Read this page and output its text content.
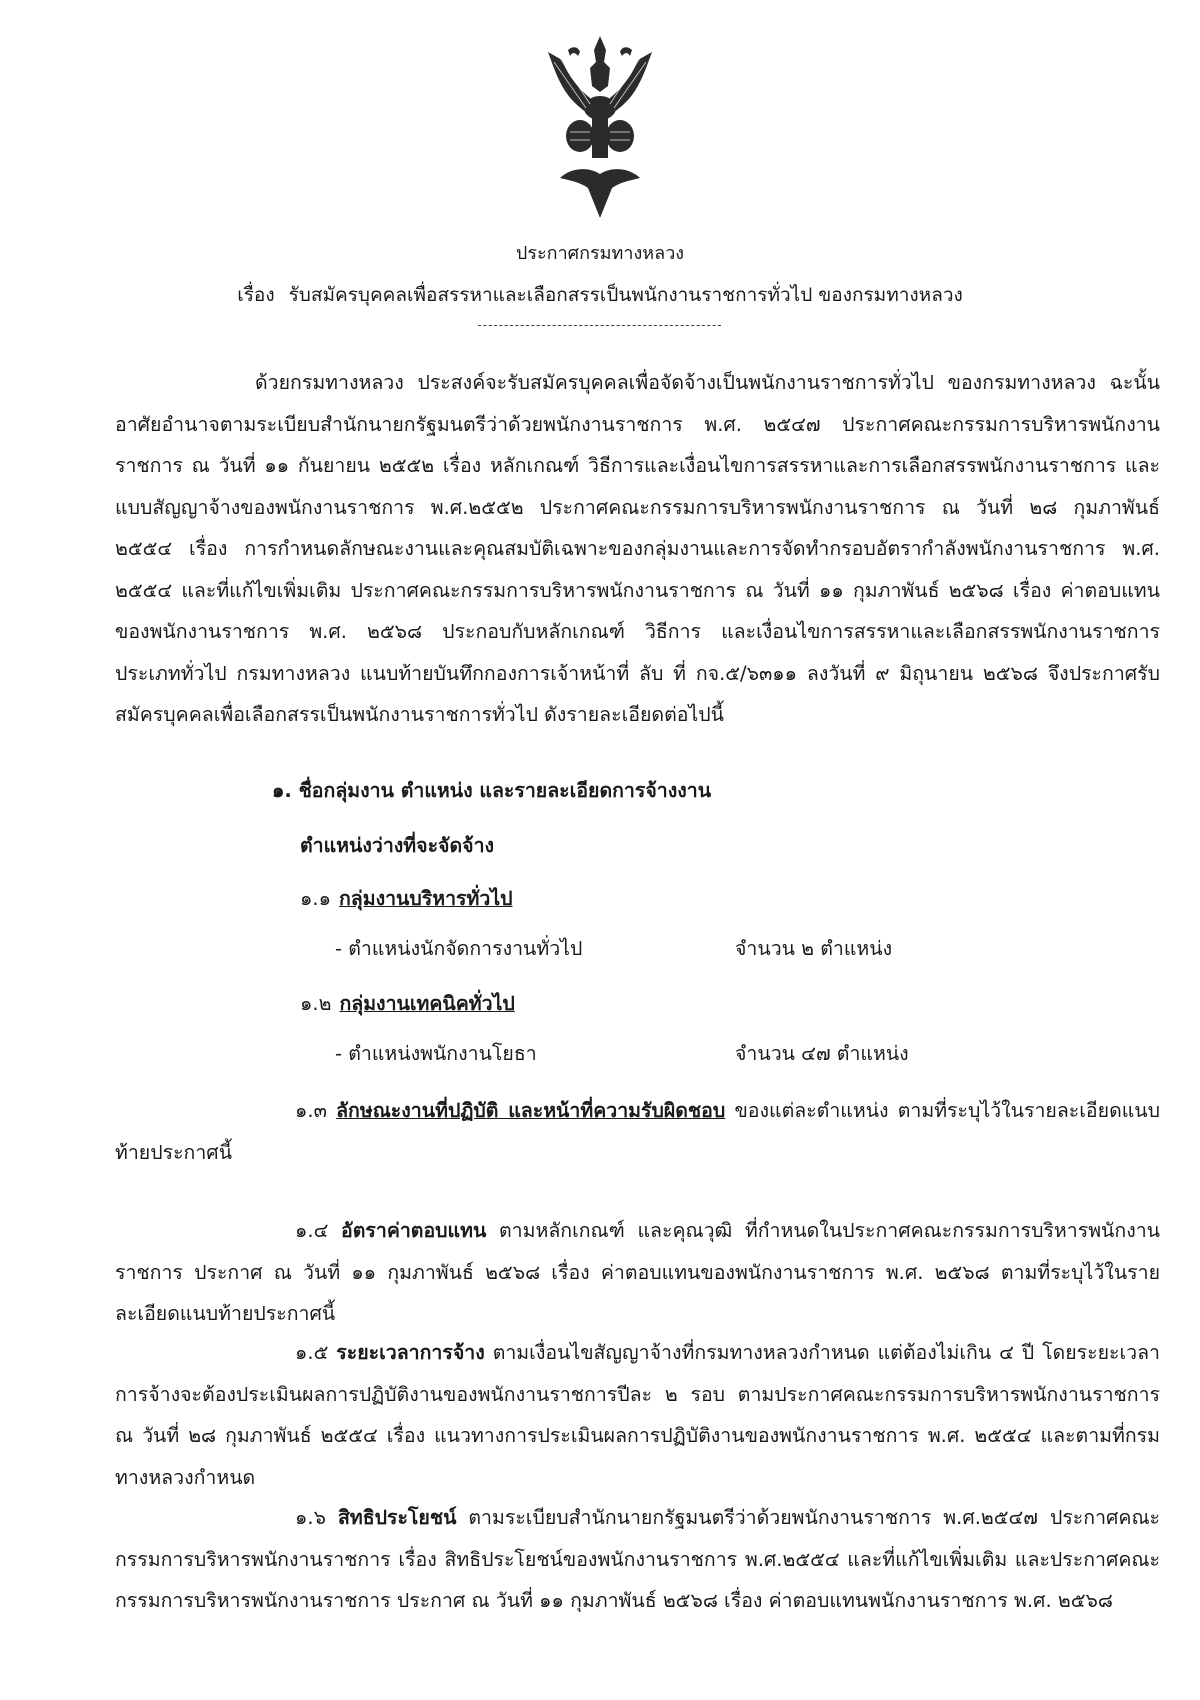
ประกาศกรมทางหลวง
เรื่อง รับสมัครบุคคลเพื่อสรรหาและเลือกสรรเป็นพนักงานราชการทั่วไป ของกรมทางหลวง
----------------------------------------------
ด้วยกรมทางหลวง ประสงค์จะรับสมัครบุคคลเพื่อจัดจ้างเป็นพนักงานราชการทั่วไป ของกรมทางหลวง ฉะนั้น อาศัยอำนาจตามระเบียบสำนักนายกรัฐมนตรีว่าด้วยพนักงานราชการ พ.ศ. ๒๕๔๗ ประกาศคณะกรรมการบริหารพนักงานราชการ ณ วันที่ ๑๑ กันยายน ๒๕๕๒ เรื่อง หลักเกณฑ์ วิธีการและเงื่อนไขการสรรหาและการเลือกสรรพนักงานราชการ และแบบสัญญาจ้างของพนักงานราชการ พ.ศ.๒๕๕๒ ประกาศคณะกรรมการบริหารพนักงานราชการ ณ วันที่ ๒๘ กุมภาพันธ์ ๒๕๕๔ เรื่อง การกำหนดลักษณะงานและคุณสมบัติเฉพาะของกลุ่มงานและการจัดทำกรอบอัตรากำลังพนักงานราชการ พ.ศ. ๒๕๕๔ และที่แก้ไขเพิ่มเติม ประกาศคณะกรรมการบริหารพนักงานราชการ ณ วันที่ ๑๑ กุมภาพันธ์ ๒๕๖๘ เรื่อง ค่าตอบแทนของพนักงานราชการ พ.ศ. ๒๕๖๘ ประกอบกับหลักเกณฑ์ วิธีการ และเงื่อนไขการสรรหาและเลือกสรรพนักงานราชการ ประเภททั่วไป กรมทางหลวง แนบท้ายบันทึกกองการเจ้าหน้าที่ ลับ ที่ กจ.๕/๖๓๑๑ ลงวันที่ ๙ มิถุนายน ๒๕๖๘ จึงประกาศรับสมัครบุคคลเพื่อเลือกสรรเป็นพนักงานราชการทั่วไป ดังรายละเอียดต่อไปนี้
๑. ชื่อกลุ่มงาน ตำแหน่ง และรายละเอียดการจ้างงาน
ตำแหน่งว่างที่จะจัดจ้าง
๑.๑ กลุ่มงานบริหารทั่วไป
- ตำแหน่งนักจัดการงานทั่วไป	จำนวน ๒ ตำแหน่ง
๑.๒ กลุ่มงานเทคนิคทั่วไป
- ตำแหน่งพนักงานโยธา	จำนวน ๔๗ ตำแหน่ง
๑.๓ ลักษณะงานที่ปฏิบัติ และหน้าที่ความรับผิดชอบ ของแต่ละตำแหน่ง ตามที่ระบุไว้ในรายละเอียดแนบท้ายประกาศนี้
๑.๔ อัตราค่าตอบแทน ตามหลักเกณฑ์ และคุณวุฒิ ที่กำหนดในประกาศคณะกรรมการบริหารพนักงานราชการ ประกาศ ณ วันที่ ๑๑ กุมภาพันธ์ ๒๕๖๘ เรื่อง ค่าตอบแทนของพนักงานราชการ พ.ศ. ๒๕๖๘ ตามที่ระบุไว้ในรายละเอียดแนบท้ายประกาศนี้
๑.๕ ระยะเวลาการจ้าง ตามเงื่อนไขสัญญาจ้างที่กรมทางหลวงกำหนด แต่ต้องไม่เกิน ๔ ปี โดยระยะเวลาการจ้างจะต้องประเมินผลการปฏิบัติงานของพนักงานราชการปีละ ๒ รอบ ตามประกาศคณะกรรมการบริหารพนักงานราชการ ณ วันที่ ๒๘ กุมภาพันธ์ ๒๕๕๔ เรื่อง แนวทางการประเมินผลการปฏิบัติงานของพนักงานราชการ พ.ศ. ๒๕๕๔ และตามที่กรมทางหลวงกำหนด
๑.๖ สิทธิประโยชน์ ตามระเบียบสำนักนายกรัฐมนตรีว่าด้วยพนักงานราชการ พ.ศ.๒๕๔๗ ประกาศคณะกรรมการบริหารพนักงานราชการ เรื่อง สิทธิประโยชน์ของพนักงานราชการ พ.ศ.๒๕๕๔ และที่แก้ไขเพิ่มเติม และประกาศคณะกรรมการบริหารพนักงานราชการ ประกาศ ณ วันที่ ๑๑ กุมภาพันธ์ ๒๕๖๘ เรื่อง ค่าตอบแทนพนักงานราชการ พ.ศ. ๒๕๖๘
